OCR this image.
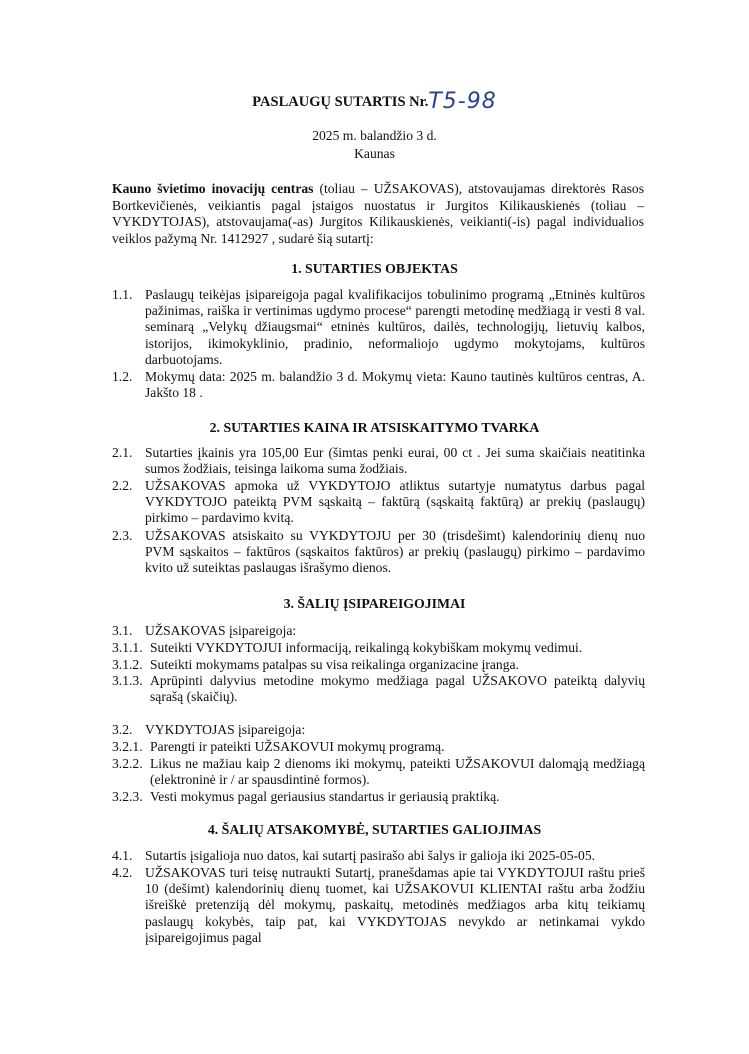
PASLAUGŲ SUTARTIS Nr.T5-98
2025 m. balandžio 3 d.
Kaunas
Kauno švietimo inovacijų centras (toliau – UŽSAKOVAS), atstovaujamas direktorės Rasos Bortkevičienės, veikiantis pagal įstaigos nuostatus ir Jurgitos Kilikauskienės (toliau – VYKDYTOJAS), atstovaujama(-as) Jurgitos Kilikauskienės, veikianti(-is) pagal individualios veiklos pažymą Nr. 1412927 , sudarė šią sutartį:
1. SUTARTIES OBJEKTAS
1.1. Paslaugų teikėjas įsipareigoja pagal kvalifikacijos tobulinimo programą „Etninės kultūros pažinimas, raiška ir vertinimas ugdymo procese“ parengti metodinę medžiagą ir vesti 8 val. seminarą „Velykų džiaugsmai“ etninės kultūros, dailės, technologijų, lietuvių kalbos, istorijos, ikimokyklinio, pradinio, neformaliojo ugdymo mokytojams, kultūros darbuotojams.

1.2. Mokymų data: 2025 m. balandžio 3 d. Mokymų vieta: Kauno tautinės kultūros centras, A. Jakšto 18 .

2. SUTARTIES KAINA IR ATSISKAITYMO TVARKA
2.1. Sutarties įkainis yra 105,00 Eur (šimtas penki eurai, 00 ct . Jei suma skaičiais neatitinka sumos žodžiais, teisinga laikoma suma žodžiais.

2.2. UŽSAKOVAS apmoka už VYKDYTOJO atliktus sutartyje numatytus darbus pagal VYKDYTOJO pateiktą PVM sąskaitą – faktūrą (sąskaitą faktūrą) ar prekių (paslaugų) pirkimo – pardavimo kvitą.

2.3. UŽSAKOVAS atsiskaito su VYKDYTOJU per 30 (trisdešimt) kalendorinių dienų nuo PVM sąskaitos – faktūros (sąskaitos faktūros) ar prekių (paslaugų) pirkimo – pardavimo kvito už suteiktas paslaugas išrašymo dienos.

3. ŠALIŲ ĮSIPAREIGOJIMAI
3.1. UŽSAKOVAS įsipareigoja:

3.1.1. Suteikti VYKDYTOJUI informaciją, reikalingą kokybiškam mokymų vedimui.

3.1.2. Suteikti mokymams patalpas su visa reikalinga organizacine įranga.

3.1.3. Aprūpinti dalyvius metodine mokymo medžiaga pagal UŽSAKOVO pateiktą dalyvių sąrašą (skaičių).

3.2. VYKDYTOJAS įsipareigoja:

3.2.1. Parengti ir pateikti UŽSAKOVUI mokymų programą.

3.2.2. Likus ne mažiau kaip 2 dienoms iki mokymų, pateikti UŽSAKOVUI dalomąją medžiagą (elektroninė ir / ar spausdintinė formos).

3.2.3. Vesti mokymus pagal geriausius standartus ir geriausią praktiką.

4. ŠALIŲ ATSAKOMYBĖ, SUTARTIES GALIOJIMAS
4.1. Sutartis įsigalioja nuo datos, kai sutartį pasirašo abi šalys ir galioja iki 2025-05-05.

4.2. UŽSAKOVAS turi teisę nutraukti Sutartį, pranešdamas apie tai VYKDYTOJUI raštu prieš 10 (dešimt) kalendorinių dienų tuomet, kai UŽSAKOVUI KLIENTAI raštu arba žodžiu išreiškė pretenziją dėl mokymų, paskaitų, metodinės medžiagos arba kitų teikiamų paslaugų kokybės, taip pat, kai VYKDYTOJAS nevykdo ar netinkamai vykdo įsipareigojimus pagal
